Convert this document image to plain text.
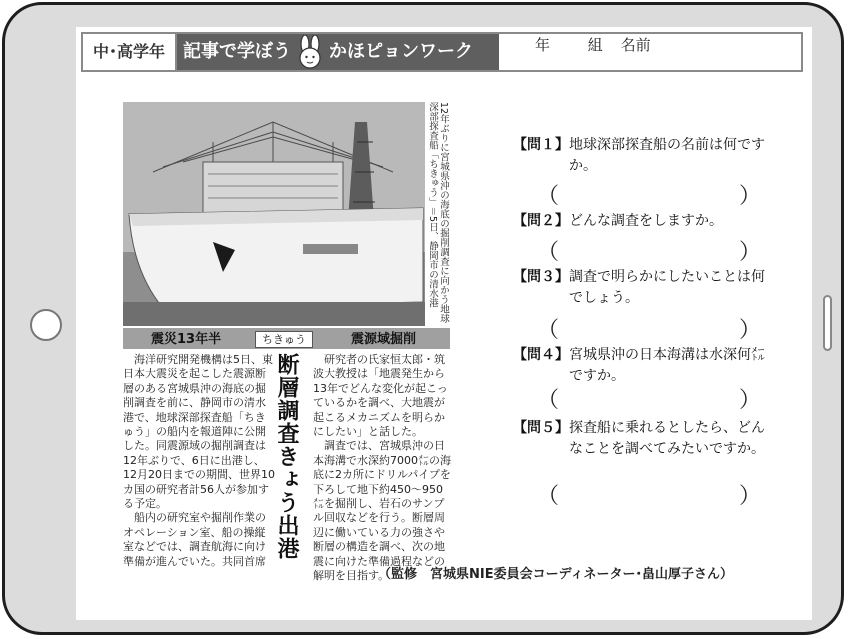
中･高学年	記事で学ぼう かほピョンワーク	年	組 名前
12年ぶりに宮城県沖の海底の掘削調査に向かう地球深部探査船「ちきゅう」＝5日、静岡市の清水港
震災13年半	ちきゅう	震源域掘削

海洋研究開発機構は5日、東日本大震災を起こした震源断層のある宮城県沖の海底の掘削調査を前に、静岡市の清水港で、地球深部探査船「ちきゅう」の船内を報道陣に公開した。同震源域の掘削調査は12年ぶりで、6日に出港し、12月20日までの期間、世界10カ国の研究者計56人が参加する予定。

船内の研究室や掘削作業のオペレーション室、船の操縦室などでは、調査航海に向け準備が進んでいた。共同首席

断層調査きょう出港	研究者の氏家恒太郎・筑波大教授は「地震発生から13年でどんな変化が起こっているかを調べ、大地震が起こるメカニズムを明らかにしたい」と話した。

調査では、宮城県沖の日本海溝で水深約7000㍍の海底に2カ所にドリルパイプを下ろして地下約450～950㍍を掘削し、岩石のサンプル回収などを行う。断層周辺に働いている力の強さや断層の構造を調べ、次の地震に向けた準備過程などの解明を目指す。

【問１】 地球深部探査船の名前は何ですか。
（	）
【問２】 どんな調査をしますか。
（	）
【問３】 調査で明らかにしたいことは何でしょう。
（	）
【問４】 宮城県沖の日本海溝は水深何㍍ですか。
（	）
【問５】 探査船に乗れるとしたら、どんなことを調べてみたいですか。
（	）
（監修　宮城県NIE委員会コーディネーター･畠山厚子さん）
